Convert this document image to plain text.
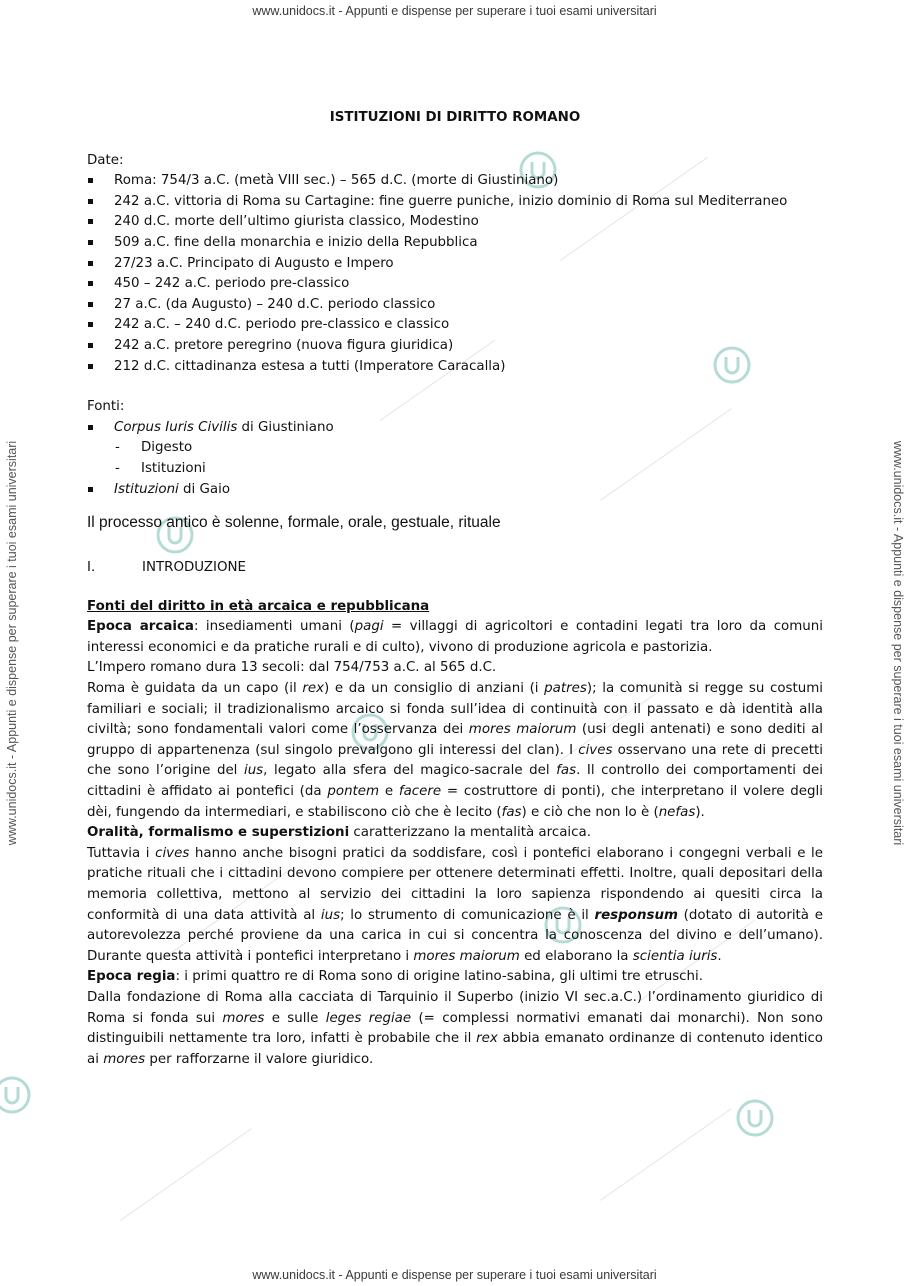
www.unidocs.it - Appunti e dispense per superare i tuoi esami universitari
www.unidocs.it - Appunti e dispense per superare i tuoi esami universitari
www.unidocs.it - Appunti e dispense per superare i tuoi esami universitari	www.unidocs.it - Appunti e dispense per superare i tuoi esami universitari
ISTITUZIONI DI DIRITTO ROMANO
Date:
Roma: 754/3 a.C. (metà VIII sec.) – 565 d.C. (morte di Giustiniano)
242 a.C. vittoria di Roma su Cartagine: fine guerre puniche, inizio dominio di Roma sul Mediterraneo
240 d.C. morte dell’ultimo giurista classico, Modestino
509 a.C. fine della monarchia e inizio della Repubblica
27/23 a.C. Principato di Augusto e Impero
450 – 242 a.C. periodo pre-classico
27 a.C. (da Augusto) – 240 d.C. periodo classico
242 a.C. – 240 d.C. periodo pre-classico e classico
242 a.C. pretore peregrino (nuova figura giuridica)
212 d.C. cittadinanza estesa a tutti (Imperatore Caracalla)
Fonti:
Corpus Iuris Civilis di Giustiniano
- Digesto
- Istituzioni
Istituzioni di Gaio
Il processo antico è solenne, formale, orale, gestuale, rituale
I.	INTRODUZIONE
Fonti del diritto in età arcaica e repubblicana

Epoca arcaica: insediamenti umani (pagi = villaggi di agricoltori e contadini legati tra loro da comuni interessi economici e da pratiche rurali e di culto), vivono di produzione agricola e pastorizia.

L’Impero romano dura 13 secoli: dal 754/753 a.C. al 565 d.C.

Roma è guidata da un capo (il rex) e da un consiglio di anziani (i patres); la comunità si regge su costumi familiari e sociali; il tradizionalismo arcaico si fonda sull’idea di continuità con il passato e dà identità alla civiltà; sono fondamentali valori come l’osservanza dei mores maiorum (usi degli antenati) e sono dediti al gruppo di appartenenza (sul singolo prevalgono gli interessi del clan). I cives osservano una rete di precetti che sono l’origine del ius, legato alla sfera del magico-sacrale del fas. Il controllo dei comportamenti dei cittadini è affidato ai pontefici (da pontem e facere = costruttore di ponti), che interpretano il volere degli dèi, fungendo da intermediari, e stabiliscono ciò che è lecito (fas) e ciò che non lo è (nefas).

Oralità, formalismo e superstizioni caratterizzano la mentalità arcaica.

Tuttavia i cives hanno anche bisogni pratici da soddisfare, così i pontefici elaborano i congegni verbali e le pratiche rituali che i cittadini devono compiere per ottenere determinati effetti. Inoltre, quali depositari della memoria collettiva, mettono al servizio dei cittadini la loro sapienza rispondendo ai quesiti circa la conformità di una data attività al ius; lo strumento di comunicazione è il responsum (dotato di autorità e autorevolezza perché proviene da una carica in cui si concentra la conoscenza del divino e dell’umano). Durante questa attività i pontefici interpretano i mores maiorum ed elaborano la scientia iuris.

Epoca regia: i primi quattro re di Roma sono di origine latino-sabina, gli ultimi tre etruschi.

Dalla fondazione di Roma alla cacciata di Tarquinio il Superbo (inizio VI sec.a.C.) l’ordinamento giuridico di Roma si fonda sui mores e sulle leges regiae (= complessi normativi emanati dai monarchi). Non sono distinguibili nettamente tra loro, infatti è probabile che il rex abbia emanato ordinanze di contenuto identico ai mores per rafforzarne il valore giuridico.
